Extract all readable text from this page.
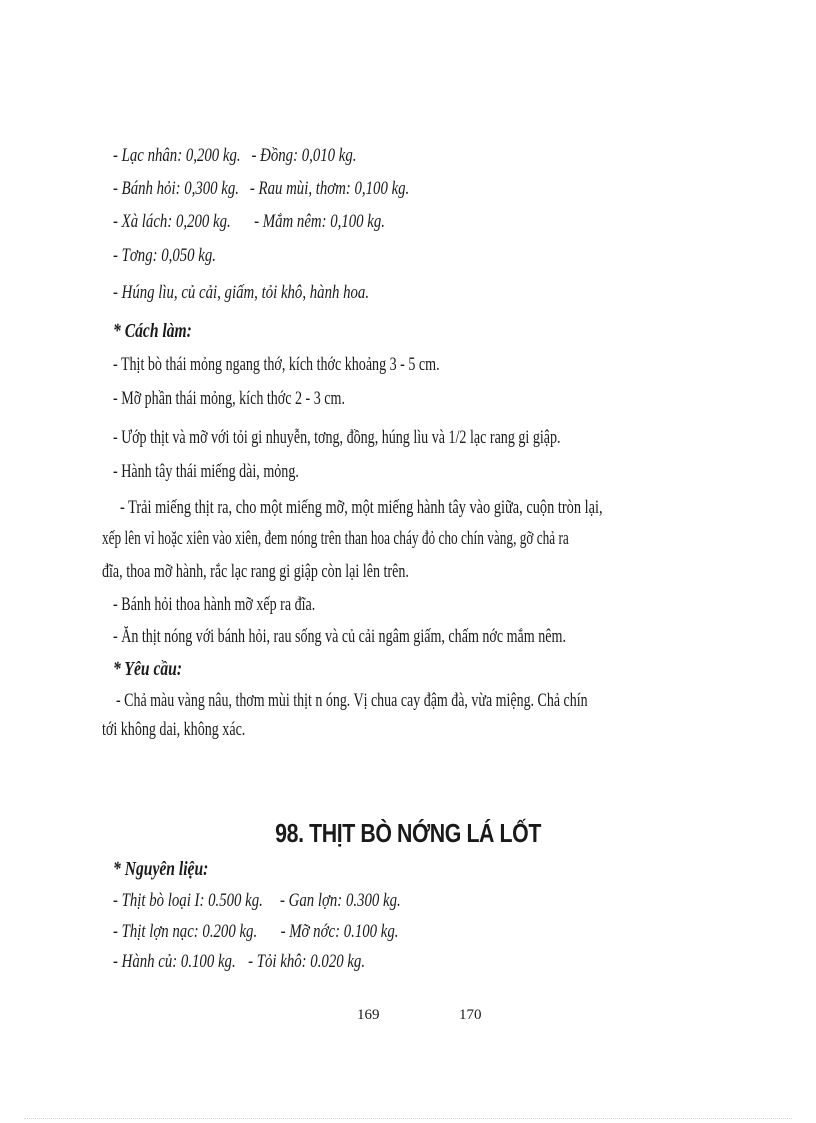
- Lạc nhân: 0,200 kg. - Đồng: 0,010 kg.
- Bánh hỏi: 0,300 kg. - Rau mùi, thơm: 0,100 kg.
- Xà lách: 0,200 kg. - Mắm nêm: 0,100 kg.
- Tơng: 0,050 kg.
- Húng lìu, củ cải, giấm, tỏi khô, hành hoa.
* Cách làm:
- Thịt bò thái mỏng ngang thớ, kích thớc khoảng 3 - 5 cm.
- Mỡ phần thái mỏng, kích thớc 2 - 3 cm.
- Ướp thịt và mỡ với tỏi gi nhuyễn, tơng, đồng, húng lìu và 1/2 lạc rang gi giập.
- Hành tây thái miếng dài, mỏng.
- Trải miếng thịt ra, cho một miếng mỡ, một miếng hành tây vào giữa, cuộn tròn lại,
xếp lên vỉ hoặc xiên vào xiên, đem nóng trên than hoa cháy đỏ cho chín vàng, gỡ chả ra
đĩa, thoa mỡ hành, rắc lạc rang gi giập còn lại lên trên.
- Bánh hỏi thoa hành mỡ xếp ra đĩa.
- Ăn thịt nóng với bánh hỏi, rau sống và củ cải ngâm giấm, chấm nớc mắm nêm.
* Yêu cầu:
- Chả màu vàng nâu, thơm mùi thịt n óng. Vị chua cay đậm đà, vừa miệng. Chả chín
tới không dai, không xác.
98. THỊT BÒ NỚNG LÁ LỐT
* Nguyên liệu:
- Thịt bò loại I: 0.500 kg. - Gan lợn: 0.300 kg.
- Thịt lợn nạc: 0.200 kg. - Mỡ nớc: 0.100 kg.
- Hành củ: 0.100 kg. - Tỏi khô: 0.020 kg.
169	170
